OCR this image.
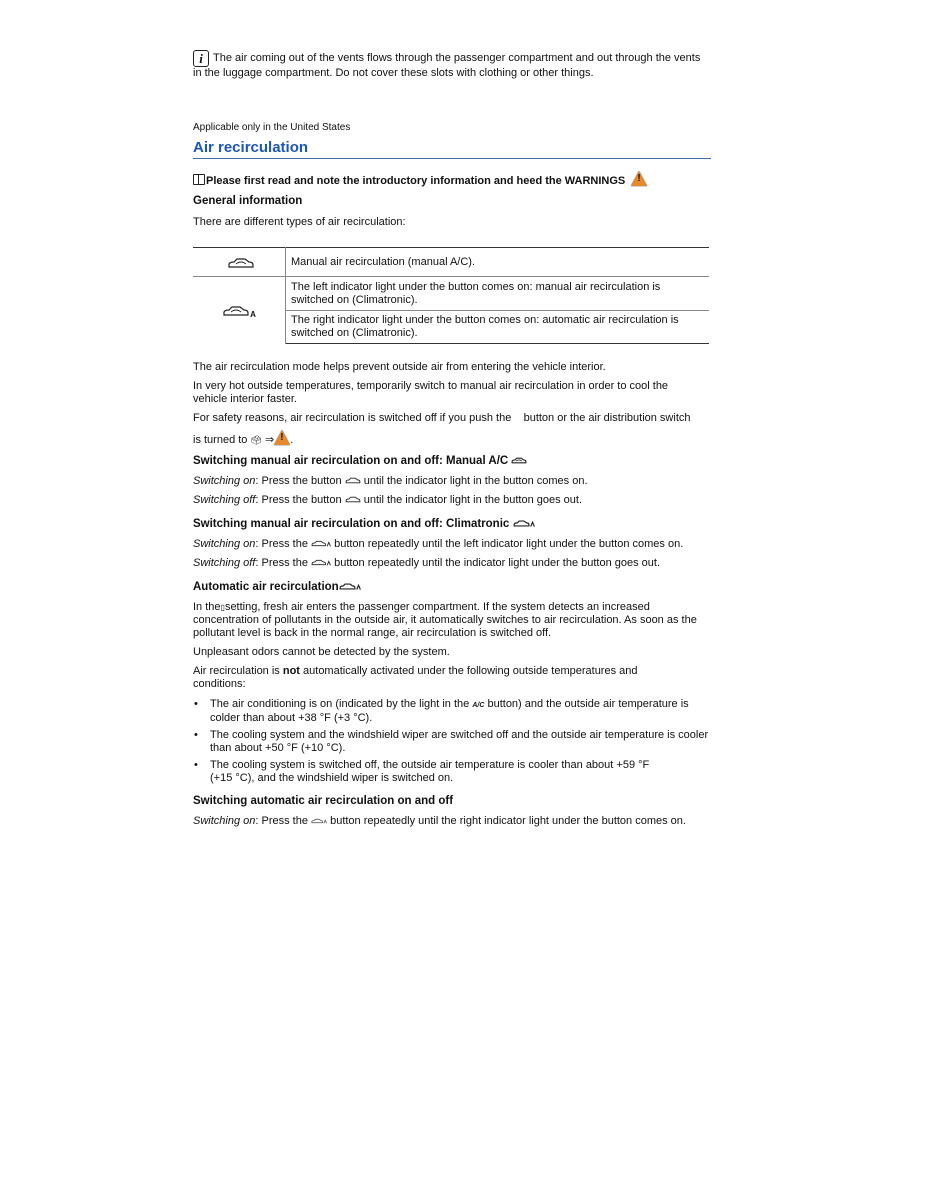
i The air coming out of the vents flows through the passenger compartment and out through the vents in the luggage compartment. Do not cover these slots with clothing or other things.
Applicable only in the United States
Air recirculation
Please first read and note the introductory information and heed the WARNINGS !
General information
There are different types of air recirculation:
	Manual air recirculation (manual A/C).
$_A$	The left indicator light under the button comes on: manual air recirculation is switched on (Climatronic).
	The right indicator light under the button comes on: automatic air recirculation is switched on (Climatronic).

The air recirculation mode helps prevent outside air from entering the vehicle interior.

In very hot outside temperatures, temporarily switch to manual air recirculation in order to cool the vehicle interior faster.

For safety reasons, air recirculation is switched off if you push the button or the air distribution switch
is turned to 🗳 ⇒ ! .
Switching manual air recirculation on and off: Manual A/C
Switching on: Press the button until the indicator light in the button comes on.
Switching off: Press the button until the indicator light in the button goes out.
Switching manual air recirculation on and off: Climatronic
Switching on: Press the button repeatedly until the left indicator light under the button comes on.
Switching off: Press the button repeatedly until the indicator light under the button goes out.
Automatic air recirculation
In the▯setting, fresh air enters the passenger compartment. If the system detects an increased concentration of pollutants in the outside air, it automatically switches to air recirculation. As soon as the pollutant level is back in the normal range, air recirculation is switched off.

Unpleasant odors cannot be detected by the system.

Air recirculation is not automatically activated under the following outside temperatures and conditions:
• The air conditioning is on (indicated by the light in the A/C button) and the outside air temperature is colder than about +38 °F (+3 °C).
• The cooling system and the windshield wiper are switched off and the outside air temperature is cooler than about +50 °F (+10 °C).
• The cooling system is switched off, the outside air temperature is cooler than about +59 °F (+15 °C), and the windshield wiper is switched on.
Switching automatic air recirculation on and off
Switching on: Press the button repeatedly until the right indicator light under the button comes on.
